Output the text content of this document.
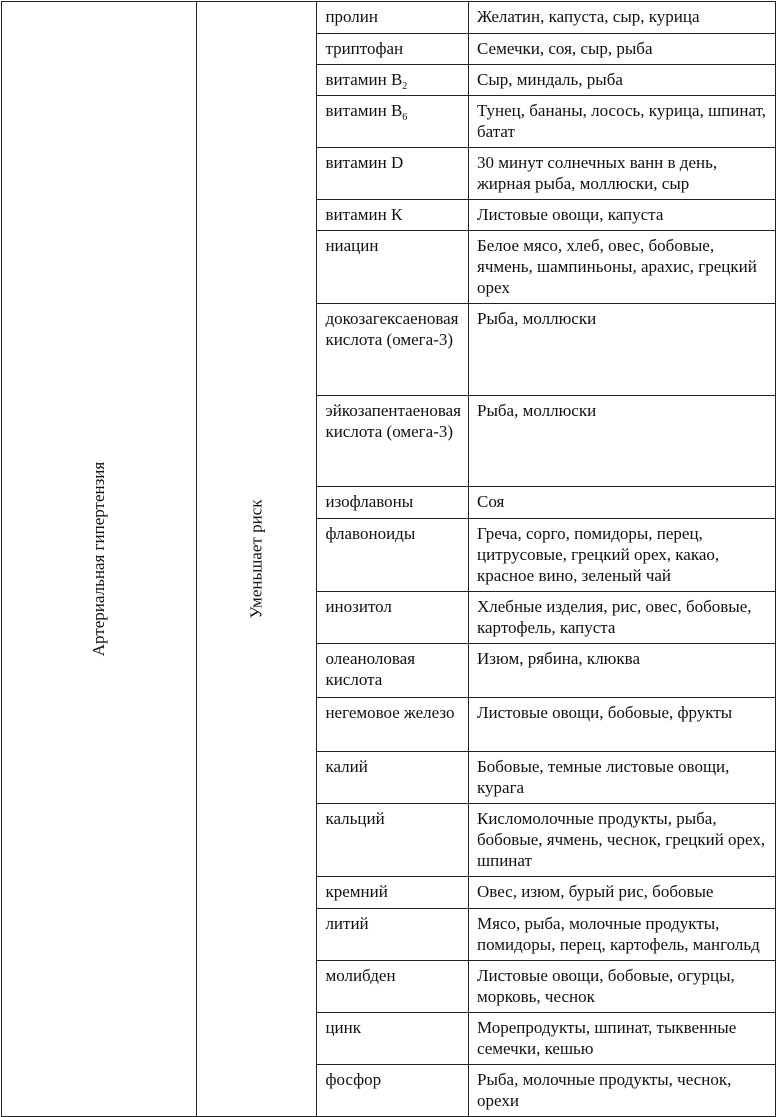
Артериальная гипертензия	Уменьшает риск	пролин	Желатин, капуста, сыр, курица

		триптофан	Семечки, соя, сыр, рыба

		витамин $B_2$	Сыр, миндаль, рыба

		витамин $B_6$	Тунец, бананы, лосось, курица, шпинат, батат

		витамин D	30 минут солнечных ванн в день, жирная рыба, моллюски, сыр

		витамин К	Листовые овощи, капуста

		ниацин	Белое мясо, хлеб, овес, бобовые, ячмень, шампиньоны, арахис, грецкий орех

		докозагексаеновая кислота (омега-3)	Рыба, моллюски

		эйкозапентаеновая кислота (омега-3)	Рыба, моллюски

		изофлавоны	Соя

		флавоноиды	Греча, сорго, помидоры, перец, цитрусовые, грецкий орех, какао, красное вино, зеленый чай

		инозитол	Хлебные изделия, рис, овес, бобовые, картофель, капуста

		олеаноловая кислота	Изюм, рябина, клюква

		негемовое железо	Листовые овощи, бобовые, фрукты

		калий	Бобовые, темные листовые овощи, курага

		кальций	Кисломолочные продукты, рыба, бобовые, ячмень, чеснок, грецкий орех, шпинат

		кремний	Овес, изюм, бурый рис, бобовые

		литий	Мясо, рыба, молочные продукты, помидоры, перец, картофель, мангольд

		молибден	Листовые овощи, бобовые, огурцы, морковь, чеснок

		цинк	Морепродукты, шпинат, тыквенные семечки, кешью

		фосфор	Рыба, молочные продукты, чеснок, орехи
